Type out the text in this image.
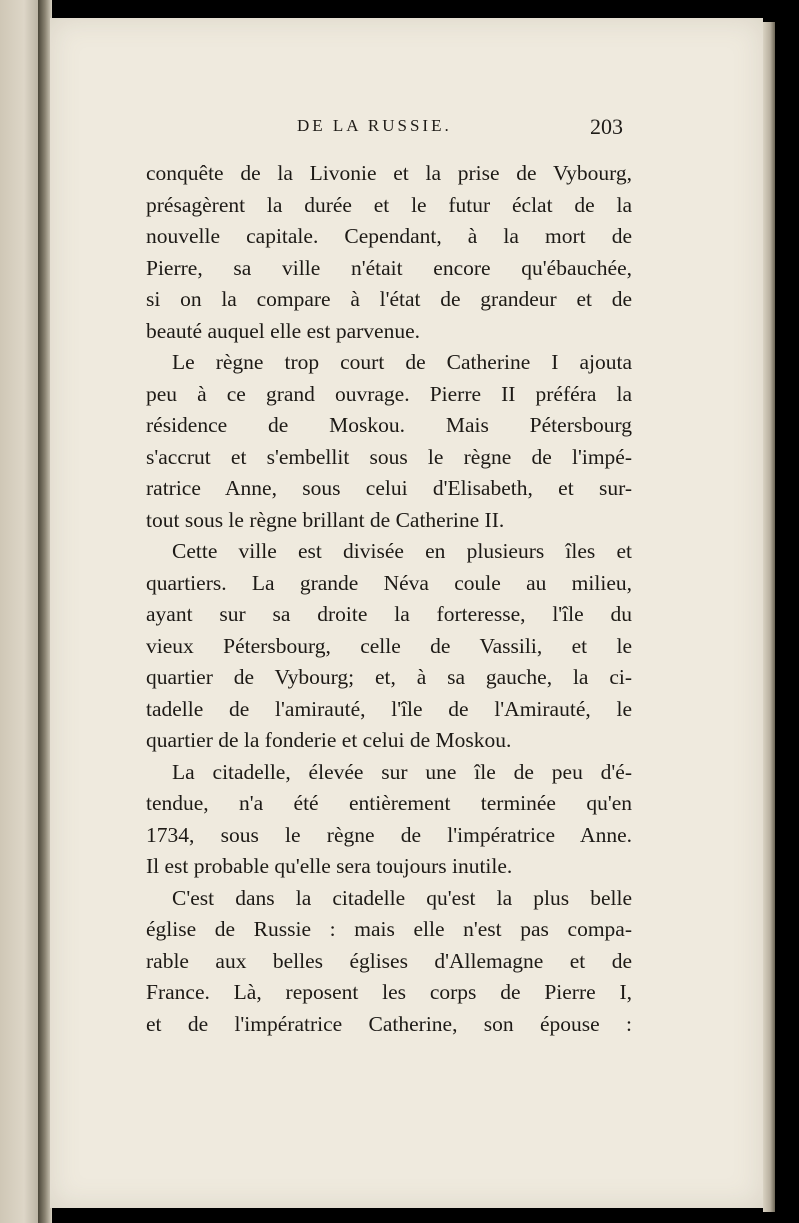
DE LA RUSSIE.	203
conquête de la Livonie et la prise de Vybourg,
présagèrent la durée et le futur éclat de la
nouvelle capitale. Cependant, à la mort de
Pierre, sa ville n'était encore qu'ébauchée,
si on la compare à l'état de grandeur et de
beauté auquel elle est parvenue.
Le règne trop court de Catherine I ajouta
peu à ce grand ouvrage. Pierre II préféra la
résidence de Moskou. Mais Pétersbourg
s'accrut et s'embellit sous le règne de l'impé-
ratrice Anne, sous celui d'Elisabeth, et sur-
tout sous le règne brillant de Catherine II.
Cette ville est divisée en plusieurs îles et
quartiers. La grande Néva coule au milieu,
ayant sur sa droite la forteresse, l'île du
vieux Pétersbourg, celle de Vassili, et le
quartier de Vybourg; et, à sa gauche, la ci-
tadelle de l'amirauté, l'île de l'Amirauté, le
quartier de la fonderie et celui de Moskou.
La citadelle, élevée sur une île de peu d'é-
tendue, n'a été entièrement terminée qu'en
1734, sous le règne de l'impératrice Anne.
Il est probable qu'elle sera toujours inutile.
C'est dans la citadelle qu'est la plus belle
église de Russie : mais elle n'est pas compa-
rable aux belles églises d'Allemagne et de
France. Là, reposent les corps de Pierre I,
et de l'impératrice Catherine, son épouse :
